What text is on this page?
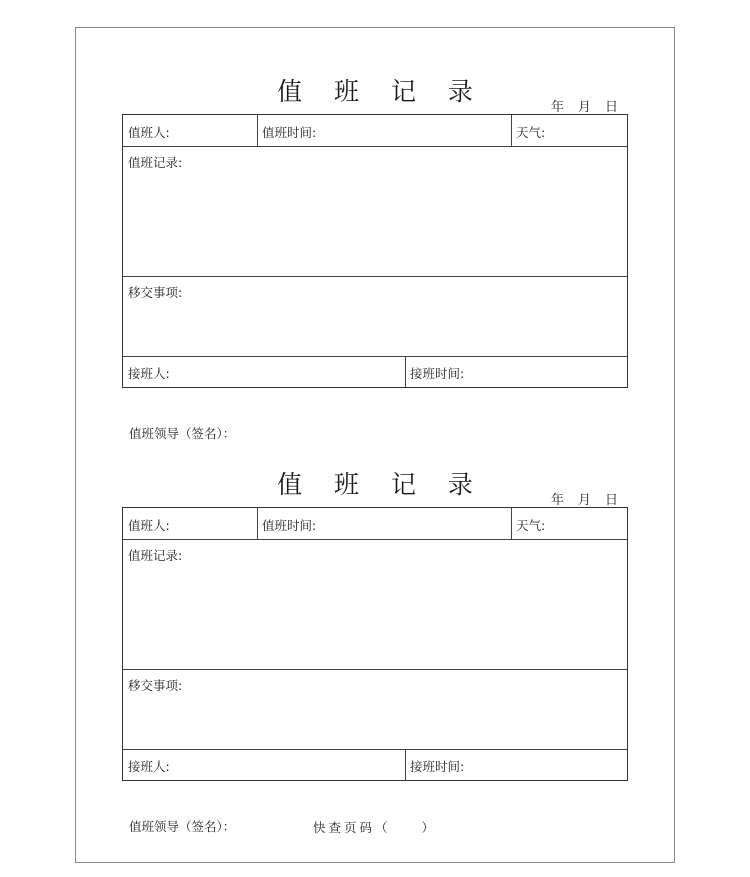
值 班 记 录
年 月 日
值班人:	值班时间:	天气:
值班记录:
移交事项:
接班人:	接班时间:
值班领导（签名）：
值 班 记 录
年 月 日
值班人:	值班时间:	天气:
值班记录:
移交事项:
接班人:	接班时间:
值班领导（签名）：	快查页码（　　）
